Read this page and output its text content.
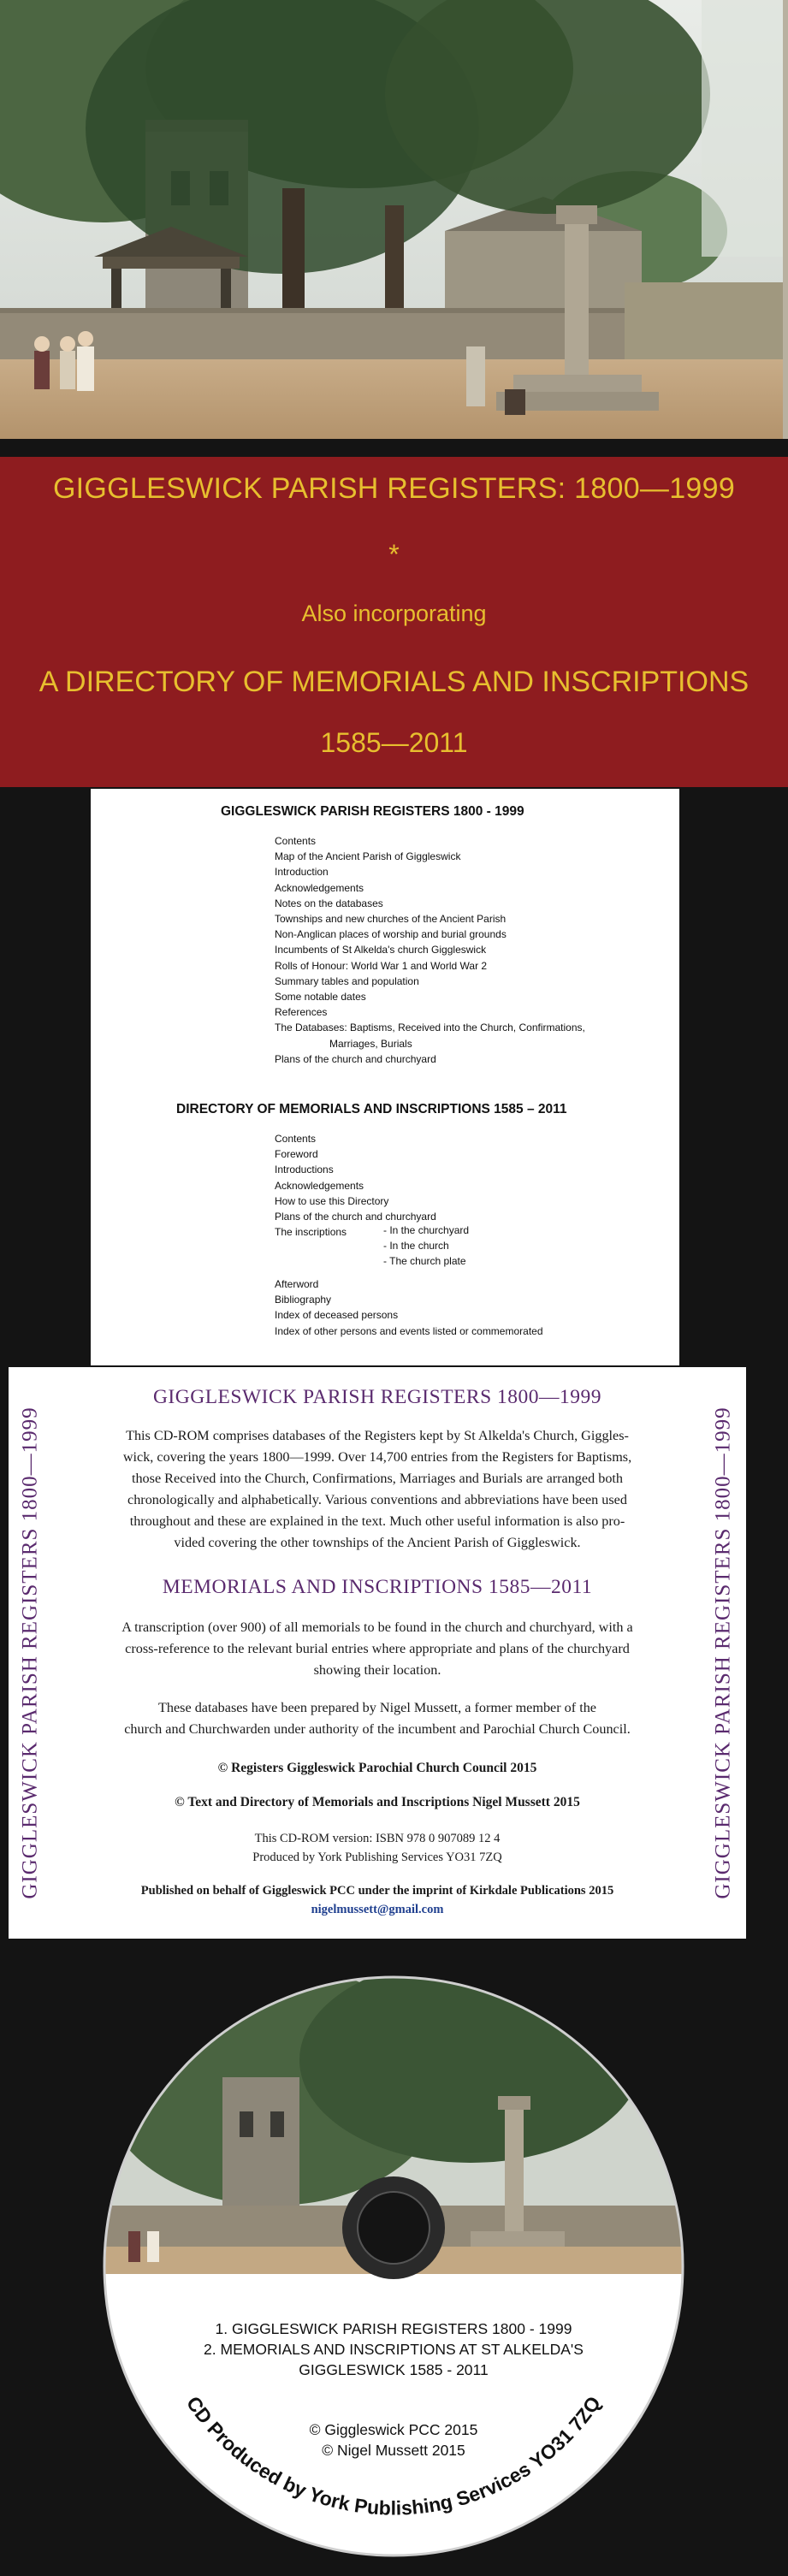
GIGGLESWICK PARISH REGISTERS: 1800—1999
*
Also incorporating
A DIRECTORY OF MEMORIALS AND INSCRIPTIONS
1585—2011
GIGGLESWICK PARISH REGISTERS 1800 - 1999
Contents
Map of the Ancient Parish of Giggleswick
Introduction
Acknowledgements
Notes on the databases
Townships and new churches of the Ancient Parish
Non-Anglican places of worship and burial grounds
Incumbents of St Alkelda's church Giggleswick
Rolls of Honour: World War 1 and World War 2
Summary tables and population
Some notable dates
References
The Databases: Baptisms, Received into the Church, Confirmations,
Marriages, Burials
Plans of the church and churchyard
DIRECTORY OF MEMORIALS AND INSCRIPTIONS 1585 – 2011
Contents
Foreword
Introductions
Acknowledgements
How to use this Directory
Plans of the church and churchyard
The inscriptions	- In the churchyard
- In the church
- The church plate
Afterword
Bibliography
Index of deceased persons
Index of other persons and events listed or commemorated
GIGGLESWICK PARISH REGISTERS 1800—1999	GIGGLESWICK PARISH REGISTERS 1800—1999
GIGGLESWICK PARISH REGISTERS 1800—1999
This CD-ROM comprises databases of the Registers kept by St Alkelda's Church, Giggles-
wick, covering the years 1800—1999. Over 14,700 entries from the Registers for Baptisms,
those Received into the Church, Confirmations, Marriages and Burials are arranged both
chronologically and alphabetically. Various conventions and abbreviations have been used
throughout and these are explained in the text. Much other useful information is also pro-
vided covering the other townships of the Ancient Parish of Giggleswick.
MEMORIALS AND INSCRIPTIONS 1585—2011
A transcription (over 900) of all memorials to be found in the church and churchyard, with a
cross-reference to the relevant burial entries where appropriate and plans of the churchyard
showing their location.
These databases have been prepared by Nigel Mussett, a former member of the
church and Churchwarden under authority of the incumbent and Parochial Church Council.
© Registers Giggleswick Parochial Church Council 2015
© Text and Directory of Memorials and Inscriptions Nigel Mussett 2015
This CD-ROM version: ISBN 978 0 907089 12 4
Produced by York Publishing Services YO31 7ZQ
Published on behalf of Giggleswick PCC under the imprint of Kirkdale Publications 2015
nigelmussett@gmail.com
1. GIGGLESWICK PARISH REGISTERS 1800 - 1999
2. MEMORIALS AND INSCRIPTIONS AT ST ALKELDA'S
GIGGLESWICK 1585 - 2011
© Giggleswick PCC 2015
© Nigel Mussett 2015
CD Produced by York Publishing Services YO31 7ZQ
